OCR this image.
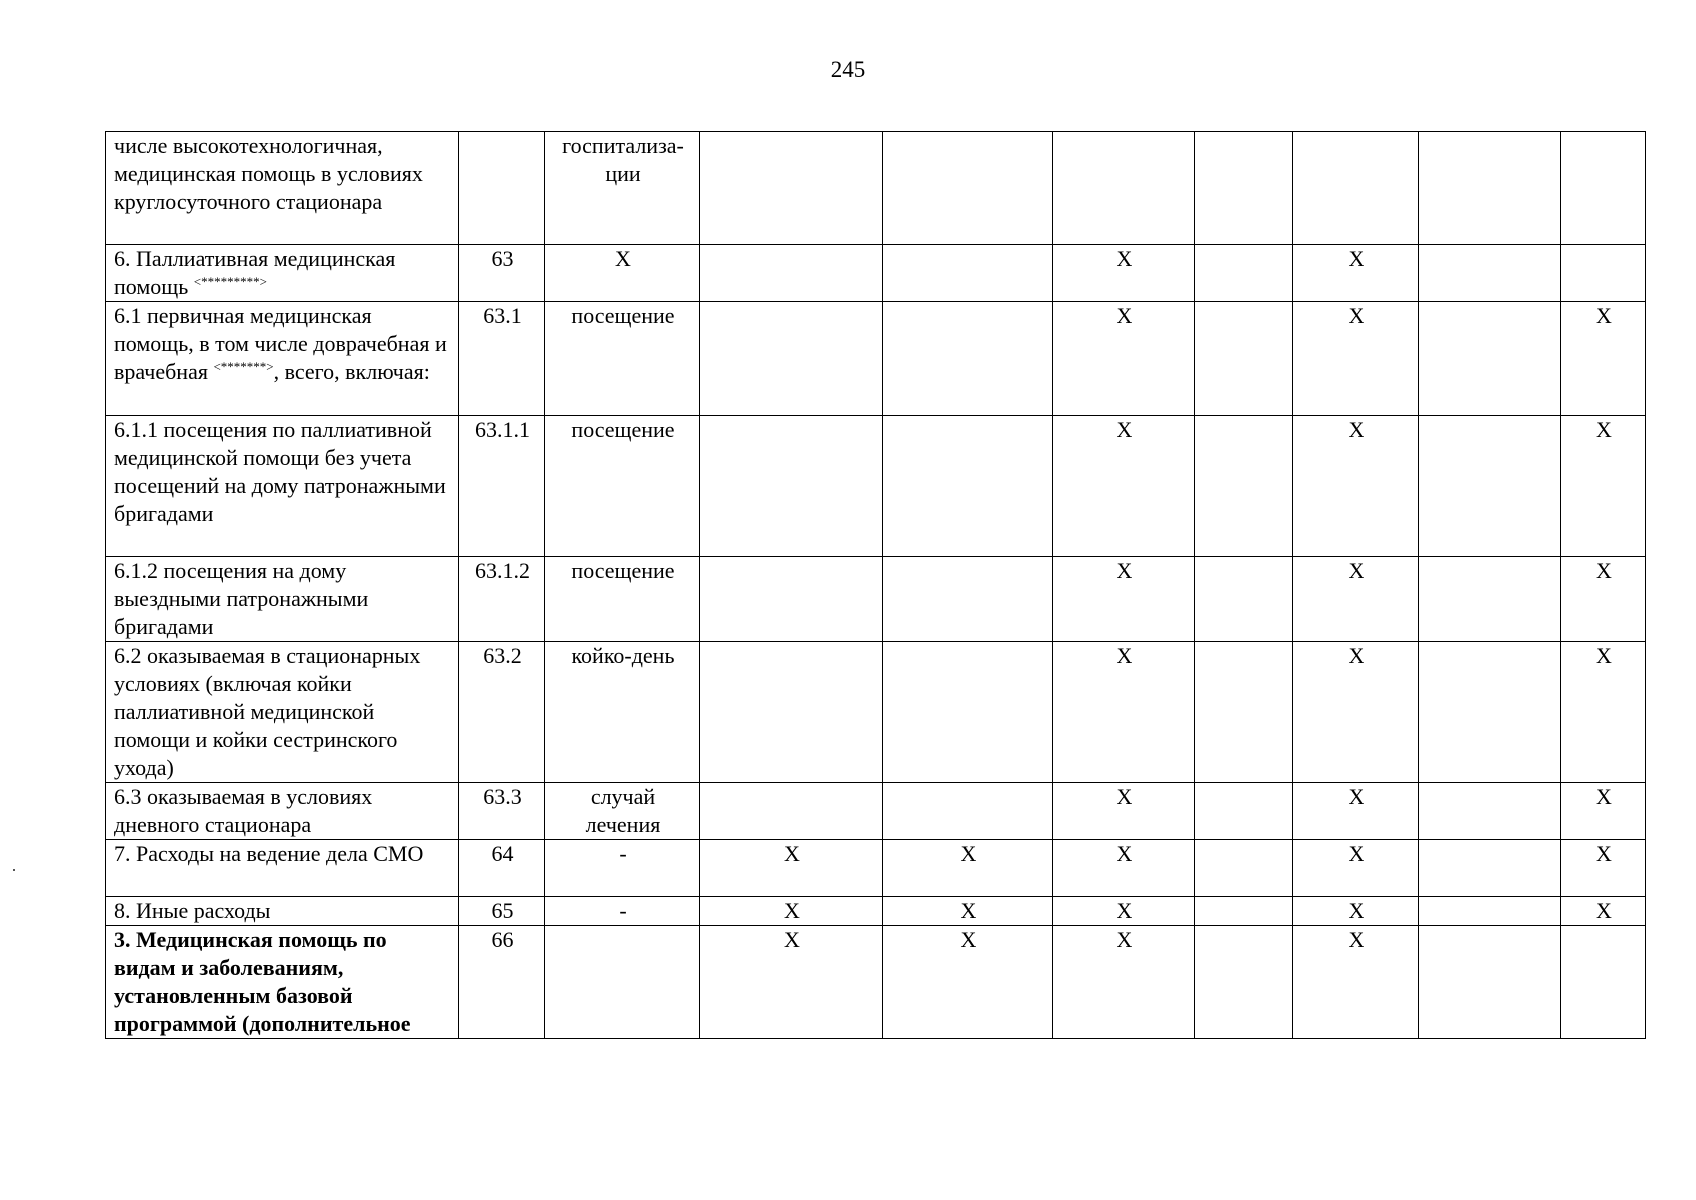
245
числе высокотехнологичная, медицинская помощь в условиях круглосуточного стационара		госпитализа-ции							
6. Паллиативная медицинская помощь <*********>	63	X			X		X		
6.1 первичная медицинская помощь, в том числе доврачебная и врачебная <*******>, всего, включая:	63.1	посещение			X		X		X
6.1.1 посещения по паллиативной медицинской помощи без учета посещений на дому патронажными бригадами	63.1.1	посещение			X		X		X
6.1.2 посещения на дому выездными патронажными бригадами	63.1.2	посещение			X		X		X
6.2 оказываемая в стационарных условиях (включая койки паллиативной медицинской помощи и койки сестринского ухода)	63.2	койко-день			X		X		X
6.3 оказываемая в условиях дневного стационара	63.3	случай лечения			X		X		X
7. Расходы на ведение дела СМО	64	-	X	X	X		X		X
8. Иные расходы	65	-	X	X	X		X		X
3. Медицинская помощь по видам и заболеваниям, установленным базовой программой (дополнительное	66		X	X	X		X		
